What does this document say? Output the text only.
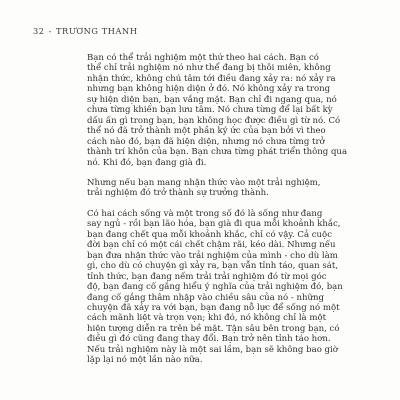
32 - TRƯƠNG THANH

Bạn có thể trải nghiệm một thứ theo hai cách. Bạn có
thể chỉ trải nghiệm nó như thể đang bị thôi miên, không
nhận thức, không chú tâm tới điều đang xảy ra: nó xảy ra
nhưng bạn không hiện diện ở đó. Nó không xảy ra trong
sự hiện diện bạn, bạn vắng mặt. Bạn chỉ đi ngang qua, nó
chưa từng khiến bạn lưu tâm. Nó chưa từng để lại bất kỳ
dấu ấn gì trong bạn, bạn không học được điều gì từ nó. Có
thể nó đã trở thành một phần ký ức của bạn bởi vì theo
cách nào đó, bạn đã hiện diện, nhưng nó chưa từng trở
thành trí khôn của bạn. Bạn chưa từng phát triển thông qua
nó. Khi đó, bạn đang già đi.

Nhưng nếu bạn mang nhận thức vào một trải nghiệm,
trải nghiệm đó trở thành sự trưởng thành.

Có hai cách sống và một trong số đó là sống như đang
say ngủ - rồi bạn lão hóa, bạn già đi qua mỗi khoảnh khắc,
bạn đang chết qua mỗi khoảnh khắc, chỉ có vậy. Cả cuộc
đời bạn chỉ có một cái chết chậm rãi, kéo dài. Nhưng nếu
bạn đưa nhận thức vào trải nghiệm của mình - cho dù làm
gì, cho dù có chuyện gì xảy ra, bạn vẫn tỉnh táo, quan sát,
tỉnh thức, bạn đang nếm trải trải nghiệm đó từ mọi góc
độ, bạn đang cố gắng hiểu ý nghĩa của trải nghiệm đó, bạn
đang cố gắng thâm nhập vào chiều sâu của nó - những
chuyện đã xảy ra với bạn, bạn đang nỗ lực để sống nó một
cách mãnh liệt và trọn vẹn; khi đó, nó không chỉ là một
hiện tượng diễn ra trên bề mặt. Tận sâu bên trong bạn, có
điều gì đó cũng đang thay đổi. Bạn trở nên tỉnh táo hơn.
Nếu trải nghiệm này là một sai lầm, bạn sẽ không bao giờ
lặp lại nó một lần nào nữa.
